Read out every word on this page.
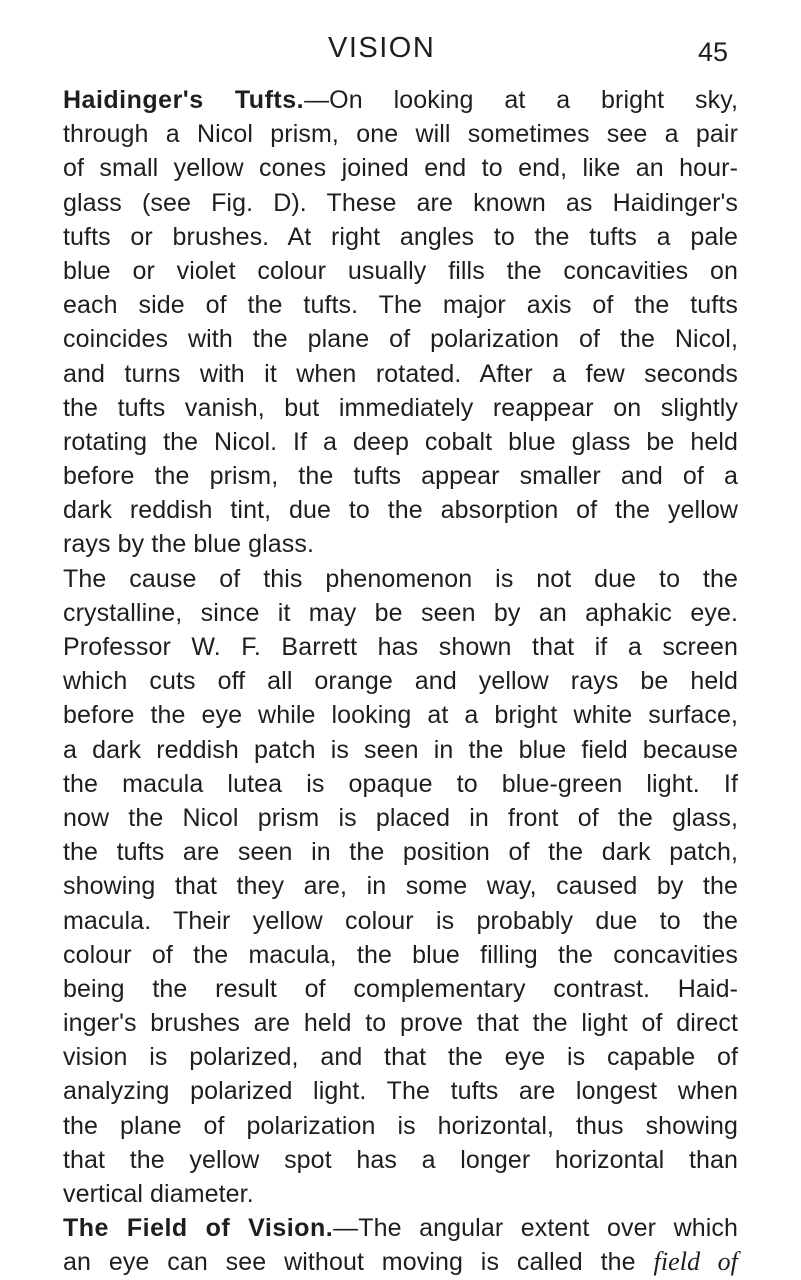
VISION	45
Haidinger's Tufts.—On looking at a bright sky,
through a Nicol prism, one will sometimes see a pair
of small yellow cones joined end to end, like an hour-
glass (see Fig. D). These are known as Haidinger's
tufts or brushes. At right angles to the tufts a pale
blue or violet colour usually fills the concavities on
each side of the tufts. The major axis of the tufts
coincides with the plane of polarization of the Nicol,
and turns with it when rotated. After a few seconds
the tufts vanish, but immediately reappear on slightly
rotating the Nicol. If a deep cobalt blue glass be held
before the prism, the tufts appear smaller and of a
dark reddish tint, due to the absorption of the yellow
rays by the blue glass.
The cause of this phenomenon is not due to the
crystalline, since it may be seen by an aphakic eye.
Professor W. F. Barrett has shown that if a screen
which cuts off all orange and yellow rays be held
before the eye while looking at a bright white surface,
a dark reddish patch is seen in the blue field because
the macula lutea is opaque to blue-green light. If
now the Nicol prism is placed in front of the glass,
the tufts are seen in the position of the dark patch,
showing that they are, in some way, caused by the
macula. Their yellow colour is probably due to the
colour of the macula, the blue filling the concavities
being the result of complementary contrast. Haid-
inger's brushes are held to prove that the light of direct
vision is polarized, and that the eye is capable of
analyzing polarized light. The tufts are longest when
the plane of polarization is horizontal, thus showing
that the yellow spot has a longer horizontal than
vertical diameter.
The Field of Vision.—The angular extent over which
an eye can see without moving is called the field of
